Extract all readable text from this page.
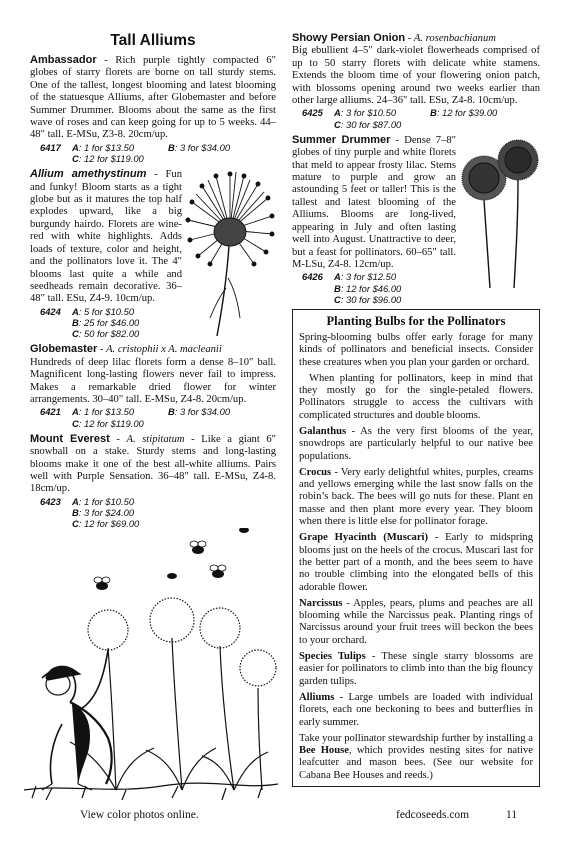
Tall Alliums

Ambassador - Rich purple tightly compacted 6" globes of starry florets are borne on tall sturdy stems. One of the tallest, longest blooming and latest blooming of the statuesque Alliums, after Globemaster and before Summer Drummer. Blooms about the same as the first wave of roses and can keep going for up to 5 weeks. 44–48" tall. E-MSu, Z3-8. 20cm/up.

6417	A: 1 for $13.50	B: 3 for $34.00
C: 12 for $119.00

Allium amethystinum - Fun and funky! Bloom starts as a tight globe but as it matures the top half explodes upward, like a big burgundy hairdo. Florets are wine-red with white highlights. Adds loads of texture, color and height, and the pollinators love it. The 4" blooms last quite a while and seedheads remain decorative. 36–48" tall. ESu, Z4-9. 10cm/up.

6424	A: 5 for $10.50
B: 25 for $46.00
C: 50 for $82.00

Globemaster - A. cristophii x A. macleanii
Hundreds of deep lilac florets form a dense 8–10" ball. Magnificent long-lasting flowers never fail to impress. Makes a remarkable dried flower for winter arrangements. 30–40" tall. E-MSu, Z4-8. 20cm/up.

6421	A: 1 for $13.50	B: 3 for $34.00
C: 12 for $119.00

Mount Everest - A. stipitatum - Like a giant 6" snowball on a stake. Sturdy stems and long-lasting blooms make it one of the best all-white alliums. Pairs well with Purple Sensation. 36–48" tall. E-MSu, Z4-8. 18cm/up.

6423	A: 1 for $10.50
B: 3 for $24.00
C: 12 for $69.00

Showy Persian Onion - A. rosenbachianum
Big ebullient 4–5" dark-violet flowerheads comprised of up to 50 starry florets with delicate white stamens. Extends the bloom time of your flowering onion patch, with blossoms opening around two weeks earlier than other large alliums. 24–36" tall. ESu, Z4-8. 10cm/up.

6425	A: 3 for $10.50	B: 12 for $39.00
C: 30 for $87.00

Summer Drummer - Dense 7–8" globes of tiny purple and white florets that meld to appear frosty lilac. Stems mature to purple and grow an astounding 5 feet or taller! This is the tallest and latest blooming of the Alliums. Blooms are long-lived, appearing in July and often lasting well into August. Unattractive to deer, but a feast for pollinators. 60–65" tall. M-LSu, Z4-8. 12cm/up.

6426	A: 3 for $12.50
B: 12 for $46.00
C: 30 for $96.00
Planting Bulbs for the Pollinators

Spring-blooming bulbs offer early forage for many kinds of pollinators and beneficial insects. Consider these creatures when you plan your garden or orchard.

When planting for pollinators, keep in mind that they mostly go for the single-petaled flowers. Pollinators struggle to access the cultivars with complicated structures and double blooms.

Galanthus - As the very first blooms of the year, snowdrops are particularly helpful to our native bee populations.

Crocus - Very early delightful whites, purples, creams and yellows emerging while the last snow falls on the robin’s back. The bees will go nuts for these. Plant en masse and then plant more every year. They bloom when there is little else for pollinator forage.

Grape Hyacinth (Muscari) - Early to midspring blooms just on the heels of the crocus. Muscari last for the better part of a month, and the bees seem to have no trouble climbing into the elongated bells of this adorable flower.

Narcissus - Apples, pears, plums and peaches are all blooming while the Narcissus peak. Planting rings of Narcissus around your fruit trees will beckon the bees to your orchard.

Species Tulips - These single starry blossoms are easier for pollinators to climb into than the big flouncy garden tulips.

Alliums - Large umbels are loaded with individual florets, each one beckoning to bees and butterflies in early summer.

Take your pollinator stewardship further by installing a Bee House, which provides nesting sites for native leafcutter and mason bees. (See our website for Cabana Bee Houses and reeds.)

View color photos online.	fedcoseeds.com	11
